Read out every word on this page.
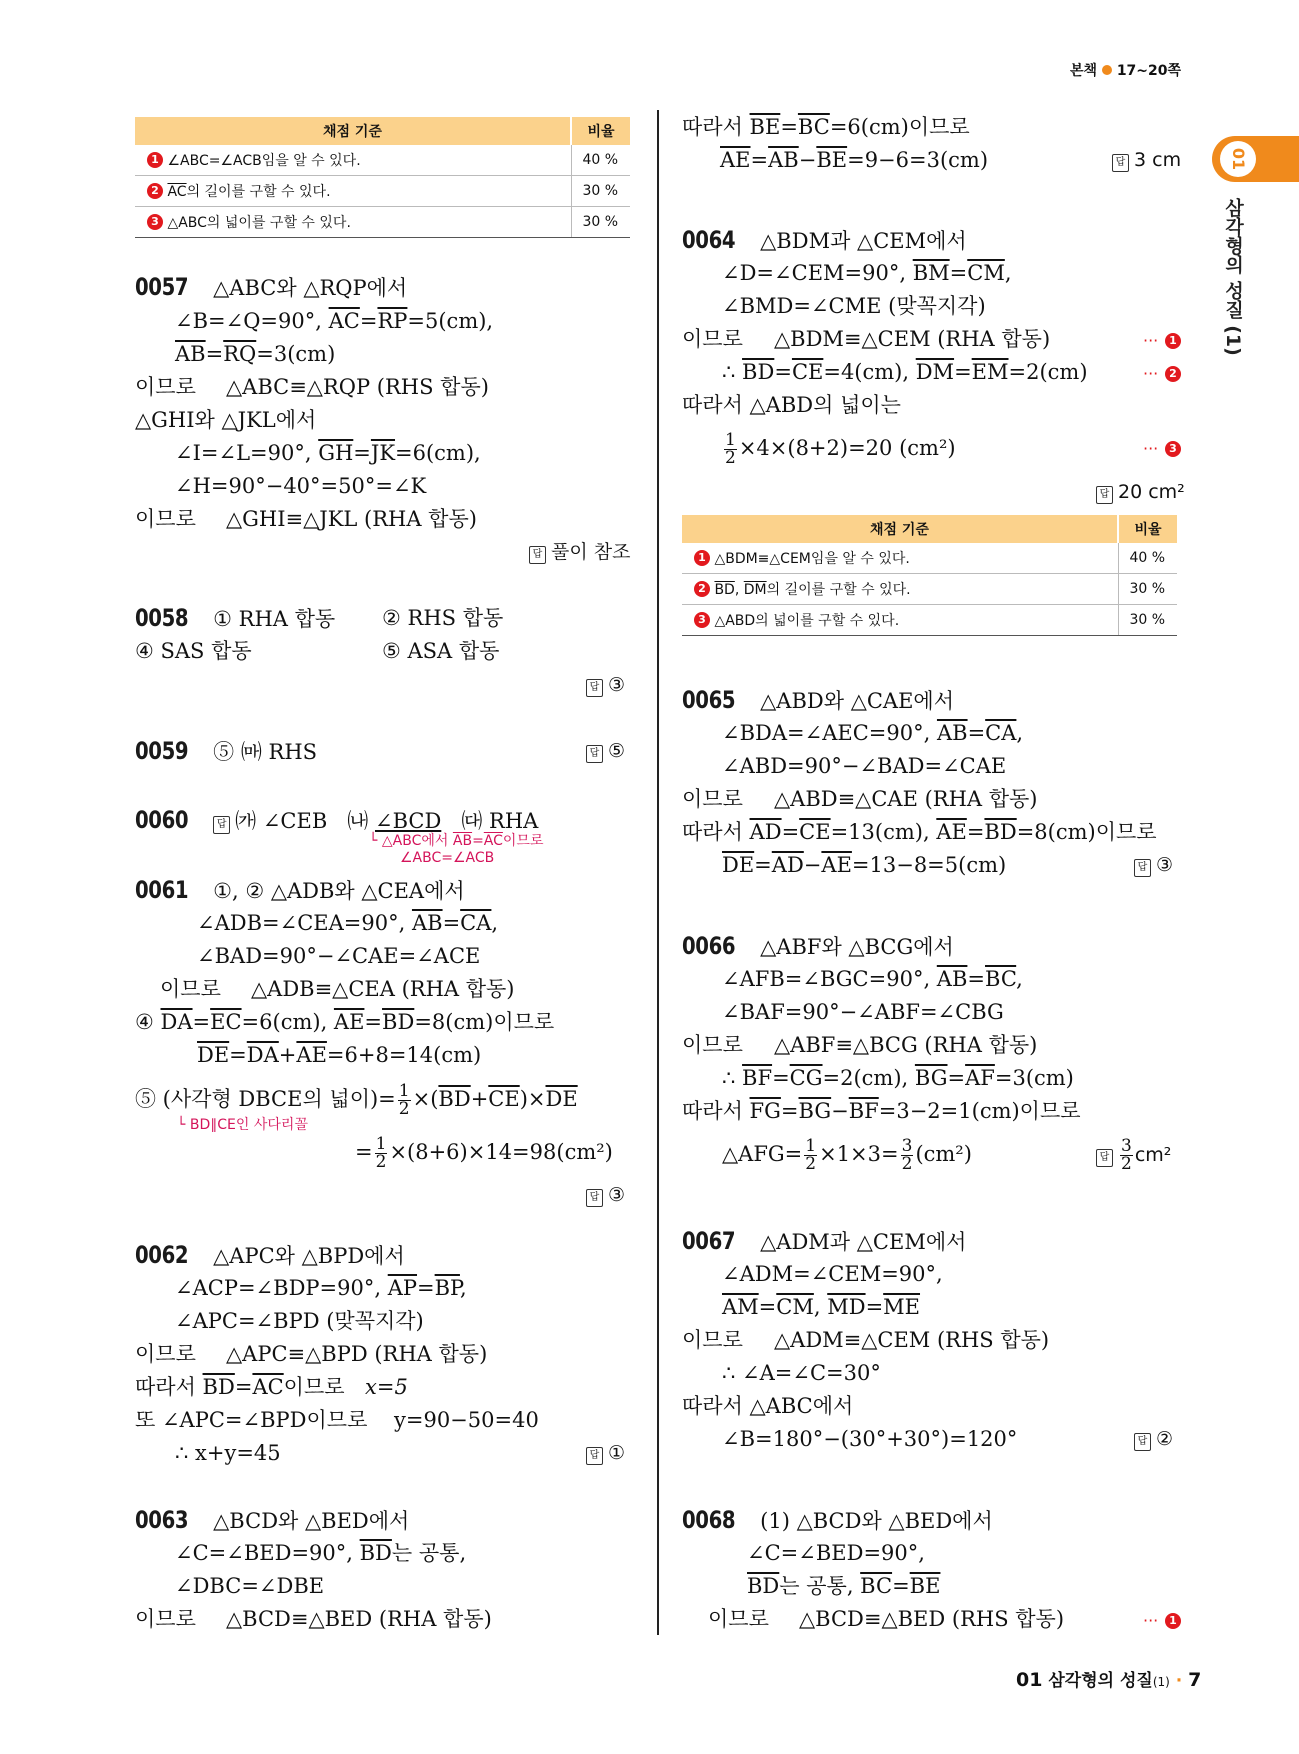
본책 17~20쪽
01
삼각형의 성질 (1)
채점 기준	비율
1 ∠ABC=∠ACB임을 알 수 있다.	40 %
2 $\overline{AC}$의 길이를 구할 수 있다.	30 %
3 △ABC의 넓이를 구할 수 있다.	30 %
0057 △ABC와 △RQP에서
∠B=∠Q=90°, $\overline{AC}=\overline{RP}=5(cm)$,
$\overline{AB}=\overline{RQ}=3(cm)$
이므로 △ABC≡△RQP (RHS 합동)
△GHI와 △JKL에서
∠I=∠L=90°, $\overline{GH}=\overline{JK}=6(cm)$,
∠H=90°−40°=50°=∠K
이므로 △GHI≡△JKL (RHA 합동)
답 풀이 참조
0058 ① RHA 합동 ② RHS 합동
④ SAS 합동	⑤ ASA 합동
답 ③
0059 ⑤ ㈒ RHS	답 ⑤
0060	답 ㈎ ∠CEB ㈏ ∠BCD ㈐ RHA
└ △ABC에서 $\overline{AB}=\overline{AC}$이므로
∠ABC=∠ACB
0061 ①, ② △ADB와 △CEA에서
∠ADB=∠CEA=90°, $\overline{AB}=\overline{CA}$,
∠BAD=90°−∠CAE=∠ACE
이므로 △ADB≡△CEA (RHA 합동)
④ $\overline{DA}=\overline{EC}=6(cm)$, $\overline{AE}=\overline{BD}=8(cm)$이므로
$\overline{DE}=\overline{DA}+\overline{AE}=6+8=14(cm)$
⑤ (사각형 DBCE의 넓이)= $\frac{1}{2} \times(\overline{BD}+\overline{CE})\times\overline{DE}$
└ BD∥CE인 사다리꼴
= $\frac{1}{2} \times(8+6)\times 14=98(cm^2)$
답 ③
0062 △APC와 △BPD에서
∠ACP=∠BDP=90°, $\overline{AP}=\overline{BP}$,
∠APC=∠BPD (맞꼭지각)
이므로 △APC≡△BPD (RHA 합동)
따라서 $\overline{BD}=\overline{AC}$이므로 x=5
또 ∠APC=∠BPD이므로 y=90−50=40
∴ x+y=45	답 ①
0063 △BCD와 △BED에서
∠C=∠BED=90°, $\overline{BD}$는 공통,
∠DBC=∠DBE
이므로 △BCD≡△BED (RHA 합동)
따라서 $\overline{BE}=\overline{BC}=6(cm)$이므로
$\overline{AE}=\overline{AB}-\overline{BE}=9-6=3(cm)$	답 3 cm
0064 △BDM과 △CEM에서
∠D=∠CEM=90°, $\overline{BM}=\overline{CM}$,
∠BMD=∠CME (맞꼭지각)
이므로 △BDM≡△CEM (RHA 합동)	··· 1
∴ $\overline{BD}=\overline{CE}=4(cm)$, $\overline{DM}=\overline{EM}=2(cm)$	··· 2
따라서 △ABD의 넓이는
$\frac{1}{2} \times 4\times(8+2)=20$ (cm²)	··· 3
답 20 cm²
채점 기준	비율
1 △BDM≡△CEM임을 알 수 있다.	40 %
2 $\overline{BD}$, $\overline{DM}$의 길이를 구할 수 있다.	30 %
3 △ABD의 넓이를 구할 수 있다.	30 %
0065 △ABD와 △CAE에서
∠BDA=∠AEC=90°, $\overline{AB}=\overline{CA}$,
∠ABD=90°−∠BAD=∠CAE
이므로 △ABD≡△CAE (RHA 합동)
따라서 $\overline{AD}=\overline{CE}=13(cm)$, $\overline{AE}=\overline{BD}=8(cm)$이므로
$\overline{DE}=\overline{AD}-\overline{AE}=13-8=5(cm)$	답 ③
0066 △ABF와 △BCG에서
∠AFB=∠BGC=90°, $\overline{AB}=\overline{BC}$,
∠BAF=90°−∠ABF=∠CBG
이므로 △ABF≡△BCG (RHA 합동)
∴ $\overline{BF}=\overline{CG}=2(cm)$, $\overline{BG}=\overline{AF}=3(cm)$
따라서 $\overline{FG}=\overline{BG}-\overline{BF}=3-2=1(cm)$이므로
△AFG= $\frac{1}{2} \times 1\times 3= \frac{3}{2} (cm^2)$	답 $\frac{3}{2} cm^2$
0067 △ADM과 △CEM에서
∠ADM=∠CEM=90°,
$\overline{AM}=\overline{CM}$, $\overline{MD}=\overline{ME}$
이므로 △ADM≡△CEM (RHS 합동)
∴ ∠A=∠C=30°
따라서 △ABC에서
∠B=180°−(30°+30°)=120°	답 ②
0068 (1) △BCD와 △BED에서
∠C=∠BED=90°,
$\overline{BD}$는 공통, $\overline{BC}=\overline{BE}$
이므로 △BCD≡△BED (RHS 합동)	··· 1
01 삼각형의 성질(1) · 7
